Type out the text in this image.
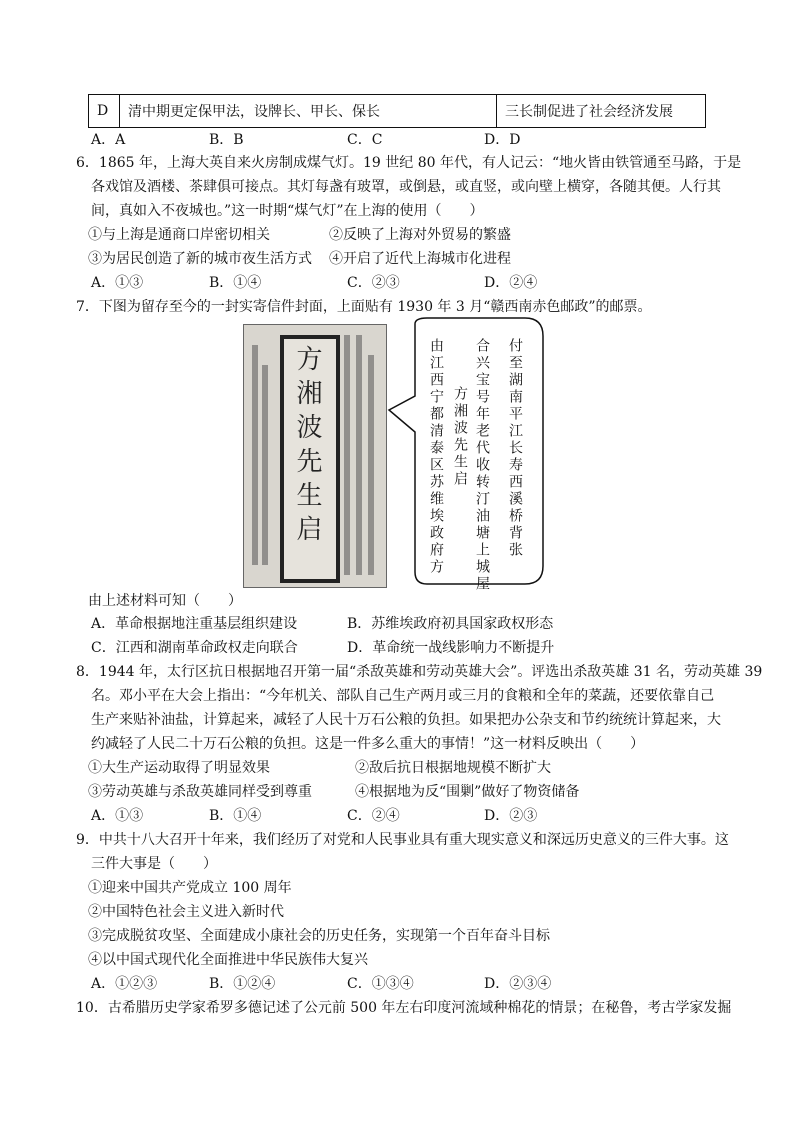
D	清中期更定保甲法，设牌长、甲长、保长	三长制促进了社会经济发展
A．A	B．B	C．C	D．D
6．1865 年，上海大英自来火房制成煤气灯。19 世纪 80 年代，有人记云：“地火皆由铁管通至马路，于是
各戏馆及酒楼、茶肆俱可接点。其灯每盏有玻罩，或倒悬，或直竖，或向壁上横穿，各随其便。人行其
间，真如入不夜城也。”这一时期“煤气灯”在上海的使用（　　）
①与上海是通商口岸密切相关	②反映了上海对外贸易的繁盛
③为居民创造了新的城市夜生活方式 ④开启了近代上海城市化进程
A．①③	B．①④	C．②③	D．②④
7．下图为留存至今的一封实寄信件封面，上面贴有 1930 年 3 月“赣西南赤色邮政”的邮票。
方湘波先生启	付至湖南平江长寿西溪桥背张
合兴宝号年老代收转汀油塘上城屋
方湘波先生启
由江西宁都清泰区苏维埃政府方
由上述材料可知（　　）
A．革命根据地注重基层组织建设	B．苏维埃政府初具国家政权形态
C．江西和湖南革命政权走向联合	D．革命统一战线影响力不断提升
8．1944 年，太行区抗日根据地召开第一届“杀敌英雄和劳动英雄大会”。评选出杀敌英雄 31 名，劳动英雄 39
名。邓小平在大会上指出：“今年机关、部队自己生产两月或三月的食粮和全年的菜蔬，还要依靠自己
生产来贴补油盐，计算起来，减轻了人民十万石公粮的负担。如果把办公杂支和节约统统计算起来，大
约减轻了人民二十万石公粮的负担。这是一件多么重大的事情！”这一材料反映出（　　）
①大生产运动取得了明显效果	②敌后抗日根据地规模不断扩大
③劳动英雄与杀敌英雄同样受到尊重	④根据地为反“围剿”做好了物资储备
A．①③	B．①④	C．②④	D．②③
9．中共十八大召开十年来，我们经历了对党和人民事业具有重大现实意义和深远历史意义的三件大事。这
三件大事是（　　）
①迎来中国共产党成立 100 周年
②中国特色社会主义进入新时代
③完成脱贫攻坚、全面建成小康社会的历史任务，实现第一个百年奋斗目标
④以中国式现代化全面推进中华民族伟大复兴
A．①②③	B．①②④	C．①③④	D．②③④
10．古希腊历史学家希罗多德记述了公元前 500 年左右印度河流域种棉花的情景；在秘鲁，考古学家发掘
